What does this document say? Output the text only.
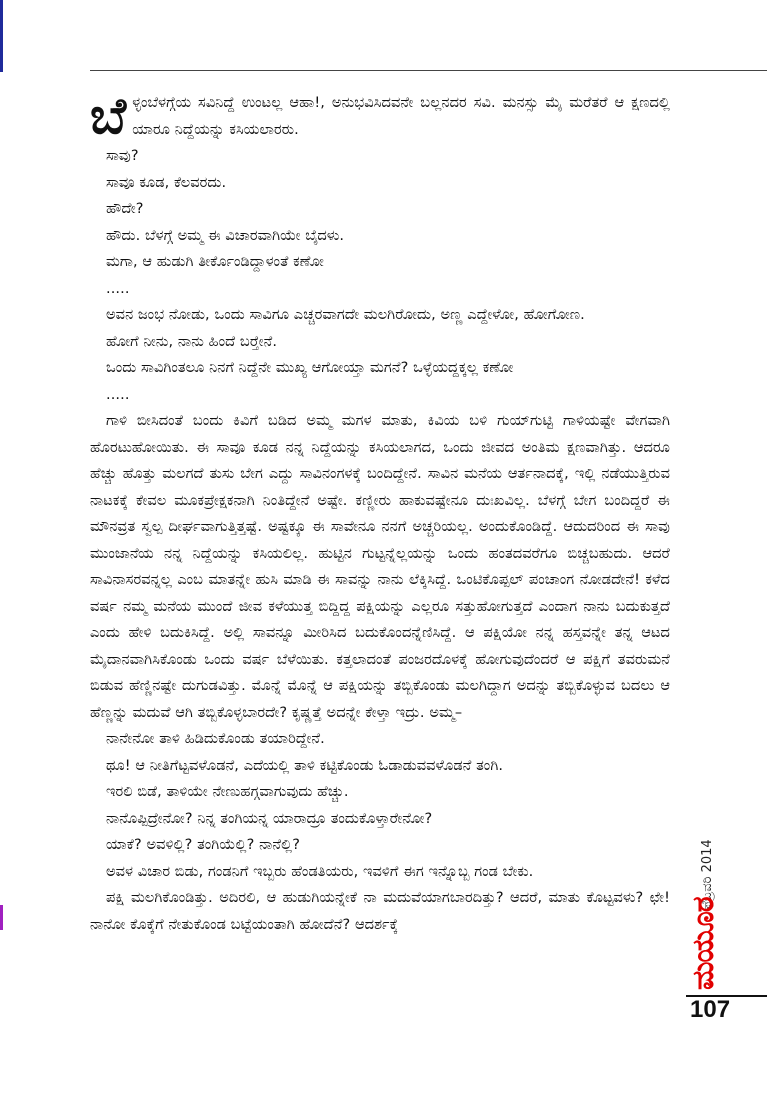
ಬೆ ಳ್ಳಂಬೆಳಗ್ಗೆಯ ಸವಿನಿದ್ದೆ ಉಂಟಲ್ಲ ಆಹಾ!, ಅನುಭವಿಸಿದವನೇ ಬಲ್ಲನದರ ಸವಿ. ಮನಸ್ಸು ಮೈ ಮರೆತರೆ ಆ ಕ್ಷಣದಲ್ಲಿ ಯಾರೂ ನಿದ್ದೆಯನ್ನು ಕಸಿಯಲಾರರು.

ಸಾವು?

ಸಾವೂ ಕೂಡ, ಕೆಲವರದು.

ಹೌದೇ?

ಹೌದು. ಬೆಳಗ್ಗೆ ಅಮ್ಮ ಈ ವಿಚಾರವಾಗಿಯೇ ಬೈದಳು.

ಮಗಾ, ಆ ಹುಡುಗಿ ತೀರ್ಕೊಂಡಿದ್ದಾಳಂತೆ ಕಣೋ

.....

ಅವನ ಜಂಭ ನೋಡು, ಒಂದು ಸಾವಿಗೂ ಎಚ್ಚರವಾಗದೇ ಮಲಗಿರೋದು, ಅಣ್ಣ ಎದ್ದೇಳೋ, ಹೋಗೋಣ.

ಹೋಗೆ ನೀನು, ನಾನು ಹಿಂದೆ ಬರ್‍ತೇನೆ.

ಒಂದು ಸಾವಿಗಿಂತಲೂ ನಿನಗೆ ನಿದ್ದೆನೇ ಮುಖ್ಯ ಆಗೋಯ್ತಾ ಮಗನೆ? ಒಳ್ಳೆಯದ್ದಕ್ಕಲ್ಲ ಕಣೋ

.....

ಗಾಳಿ ಬೀಸಿದಂತೆ ಬಂದು ಕಿವಿಗೆ ಬಡಿದ ಅಮ್ಮ ಮಗಳ ಮಾತು, ಕಿವಿಯ ಬಳಿ ಗುಯ್‌ಗುಟ್ಟಿ ಗಾಳಿಯಷ್ಟೇ ವೇಗವಾಗಿ ಹೊರಟುಹೋಯಿತು. ಈ ಸಾವೂ ಕೂಡ ನನ್ನ ನಿದ್ದೆಯನ್ನು ಕಸಿಯಲಾಗದ, ಒಂದು ಜೀವದ ಅಂತಿಮ ಕ್ಷಣವಾಗಿತ್ತು. ಆದರೂ ಹೆಚ್ಚು ಹೊತ್ತು ಮಲಗದೆ ತುಸು ಬೇಗ ಎದ್ದು ಸಾವಿನಂಗಳಕ್ಕೆ ಬಂದಿದ್ದೇನೆ. ಸಾವಿನ ಮನೆಯ ಆರ್ತನಾದಕ್ಕೆ, ಇಲ್ಲಿ ನಡೆಯುತ್ತಿರುವ ನಾಟಕಕ್ಕೆ ಕೇವಲ ಮೂಕಪ್ರೇಕ್ಷಕನಾಗಿ ನಿಂತಿದ್ದೇನೆ ಅಷ್ಟೇ. ಕಣ್ಣೀರು ಹಾಕುವಷ್ಟೇನೂ ದುಃಖವಿಲ್ಲ. ಬೆಳಗ್ಗೆ ಬೇಗ ಬಂದಿದ್ದರೆ ಈ ಮೌನವ್ರತ ಸ್ವಲ್ಪ ದೀರ್ಘವಾಗುತ್ತಿತ್ತಷ್ಟೆ. ಅಷ್ಟಕ್ಕೂ ಈ ಸಾವೇನೂ ನನಗೆ ಅಚ್ಚರಿಯಲ್ಲ. ಅಂದುಕೊಂಡಿದ್ದೆ. ಆದುದರಿಂದ ಈ ಸಾವು ಮುಂಜಾನೆಯ ನನ್ನ ನಿದ್ದೆಯನ್ನು ಕಸಿಯಲಿಲ್ಲ. ಹುಟ್ಟಿನ ಗುಟ್ಟನ್ನೆಲ್ಲಯನ್ನು ಒಂದು ಹಂತದವರೆಗೂ ಬಿಚ್ಚಬಹುದು. ಆದರೆ ಸಾವಿನಾಸರವನ್ನಲ್ಲ ಎಂಬ ಮಾತನ್ನೇ ಹುಸಿ ಮಾಡಿ ಈ ಸಾವನ್ನು ನಾನು ಲೆಕ್ಕಿಸಿದ್ದೆ. ಒಂಟಿಕೊಪ್ಪಲ್ ಪಂಚಾಂಗ ನೋಡದೇನೆ! ಕಳೆದ ವರ್ಷ ನಮ್ಮ ಮನೆಯ ಮುಂದೆ ಜೀವ ಕಳೆಯುತ್ತ ಬಿದ್ದಿದ್ದ ಪಕ್ಷಿಯನ್ನು ಎಲ್ಲರೂ ಸತ್ತುಹೋಗುತ್ತದೆ ಎಂದಾಗ ನಾನು ಬದುಕುತ್ತದೆ ಎಂದು ಹೇಳಿ ಬದುಕಿಸಿದ್ದೆ. ಅಲ್ಲಿ ಸಾವನ್ನೂ ಮೀರಿಸಿದ ಬದುಕೊಂದನ್ನೆಣಿಸಿದ್ದೆ. ಆ ಪಕ್ಷಿಯೋ ನನ್ನ ಹಸ್ತವನ್ನೇ ತನ್ನ ಆಟದ ಮೈದಾನವಾಗಿಸಿಕೊಂಡು ಒಂದು ವರ್ಷ ಬೆಳೆಯಿತು. ಕತ್ತಲಾದಂತೆ ಪಂಜರದೊಳಕ್ಕೆ ಹೋಗುವುದೆಂದರೆ ಆ ಪಕ್ಷಿಗೆ ತವರುಮನೆ ಬಿಡುವ ಹೆಣ್ಣಿನಷ್ಟೇ ದುಗುಡವಿತ್ತು. ಮೊನ್ನೆ ಮೊನ್ನೆ ಆ ಪಕ್ಷಿಯನ್ನು ತಬ್ಬಿಕೊಂಡು ಮಲಗಿದ್ದಾಗ ಅದನ್ನು ತಬ್ಬಿಕೊಳ್ಳುವ ಬದಲು ಆ ಹೆಣ್ಣನ್ನು ಮದುವೆ ಆಗಿ ತಬ್ಬಿಕೊಳ್ಳಬಾರದೇ? ಕೃಷ್ಣತ್ತೆ ಅದನ್ನೇ ಕೇಳ್ತಾ ಇದ್ರು. ಅಮ್ಮ–

ನಾನೇನೋ ತಾಳಿ ಹಿಡಿದುಕೊಂಡು ತಯಾರಿದ್ದೇನೆ.

ಥೂ! ಆ ನೀತಿಗೆಟ್ಟವಳೊಡನೆ, ಎದೆಯಲ್ಲಿ ತಾಳಿ ಕಟ್ಟಿಕೊಂಡು ಓಡಾಡುವವಳೊಡನೆ ತಂಗಿ.

ಇರಲಿ ಬಿಡೆ, ತಾಳಿಯೇ ನೇಣುಹಗ್ಗವಾಗುವುದು ಹೆಚ್ಚು.

ನಾನೊಪ್ಪಿದ್ರೇನೋ? ನಿನ್ನ ತಂಗಿಯನ್ನ ಯಾರಾದ್ರೂ ತಂದುಕೊಳ್ತಾರೇನೋ?

ಯಾಕೆ? ಅವಳಿಲ್ಲಿ? ತಂಗಿಯೆಲ್ಲಿ? ನಾನೆಲ್ಲಿ?

ಅವಳ ವಿಚಾರ ಬಿಡು, ಗಂಡನಿಗೆ ಇಬ್ಬರು ಹೆಂಡತಿಯರು, ಇವಳಿಗೆ ಈಗ ಇನ್ನೊಬ್ಬ ಗಂಡ ಬೇಕು.

ಪಕ್ಷಿ ಮಲಗಿಕೊಂಡಿತ್ತು. ಅದಿರಲಿ, ಆ ಹುಡುಗಿಯನ್ನೇಕೆ ನಾ ಮದುವೆಯಾಗಬಾರದಿತ್ತು? ಆದರೆ, ಮಾತು ಕೊಟ್ಟವಳು? ಛೇ! ನಾನೋ ಕೊಕ್ಕೆಗೆ ನೇತುಕೊಂಡ ಬಟ್ಟೆಯಂತಾಗಿ ಹೋದೆನೆ? ಆದರ್ಶಕ್ಕೆ

ಫೆಬ್ರವರಿ 2014
ಮಯೂರ
107
